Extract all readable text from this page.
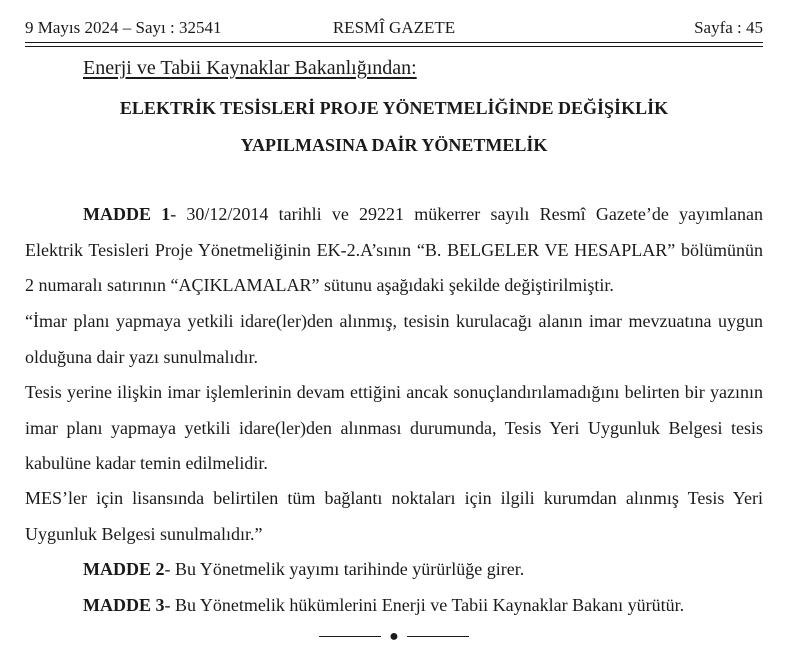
9 Mayıs 2024 – Sayı : 32541	RESMÎ GAZETE	Sayfa : 45
Enerji ve Tabii Kaynaklar Bakanlığından:
ELEKTRİK TESİSLERİ PROJE YÖNETMELİĞİNDE DEĞİŞİKLİK
YAPILMASINA DAİR YÖNETMELİK

MADDE 1- 30/12/2014 tarihli ve 29221 mükerrer sayılı Resmî Gazete’de yayımlanan Elektrik Tesisleri Proje Yönetmeliğinin EK-2.A’sının “B. BELGELER VE HESAPLAR” bölümünün 2 numaralı satırının “AÇIKLAMALAR” sütunu aşağıdaki şekilde değiştirilmiştir.

“İmar planı yapmaya yetkili idare(ler)den alınmış, tesisin kurulacağı alanın imar mevzuatına uygun olduğuna dair yazı sunulmalıdır.

Tesis yerine ilişkin imar işlemlerinin devam ettiğini ancak sonuçlandırılamadığını belirten bir yazının imar planı yapmaya yetkili idare(ler)den alınması durumunda, Tesis Yeri Uygunluk Belgesi tesis kabulüne kadar temin edilmelidir.

MES’ler için lisansında belirtilen tüm bağlantı noktaları için ilgili kurumdan alınmış Tesis Yeri Uygunluk Belgesi sunulmalıdır.”

MADDE 2- Bu Yönetmelik yayımı tarihinde yürürlüğe girer.

MADDE 3- Bu Yönetmelik hükümlerini Enerji ve Tabii Kaynaklar Bakanı yürütür.

●
